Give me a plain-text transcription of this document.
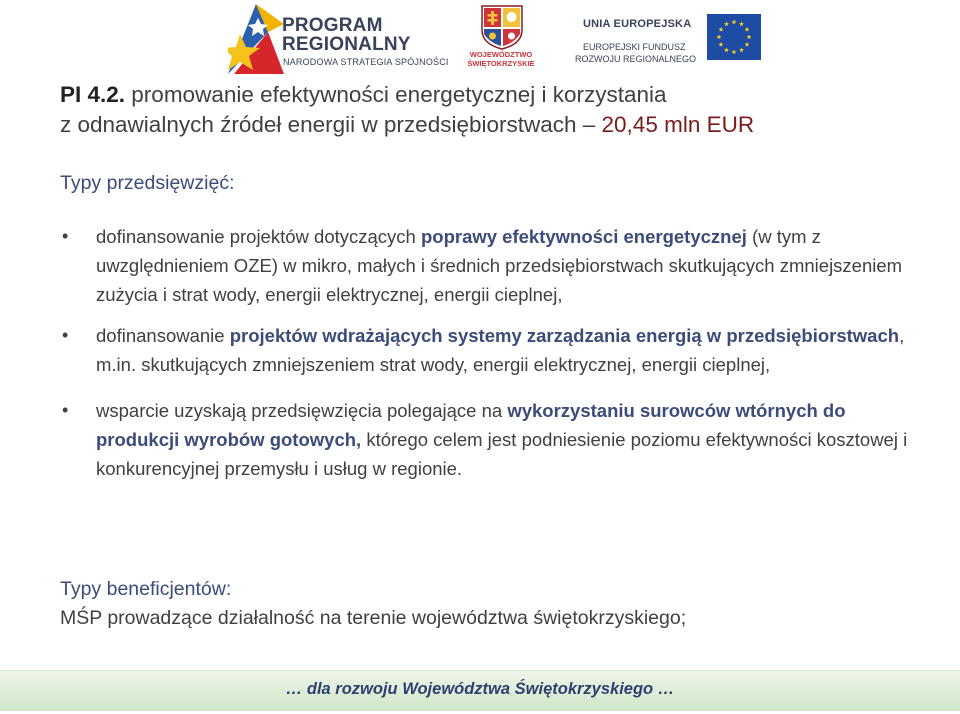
PROGRAM
REGIONALNY
NARODOWA STRATEGIA SPÓJNOŚCI
WOJEWÓDZTWO
ŚWIĘTOKRZYSKIE
UNIA EUROPEJSKA
EUROPEJSKI FUNDUSZ
ROZWOJU REGIONALNEGO
PI 4.2. promowanie efektywności energetycznej i korzystania
z odnawialnych źródeł energii w przedsiębiorstwach – 20,45 mln EUR
Typy przedsięwzięć:
• dofinansowanie projektów dotyczących poprawy efektywności energetycznej (w tym z uwzględnieniem OZE) w mikro, małych i średnich przedsiębiorstwach skutkujących zmniejszeniem zużycia i strat wody, energii elektrycznej, energii cieplnej,
• dofinansowanie projektów wdrażających systemy zarządzania energią w przedsiębiorstwach, m.in. skutkujących zmniejszeniem strat wody, energii elektrycznej, energii cieplnej,
• wsparcie uzyskają przedsięwzięcia polegające na wykorzystaniu surowców wtórnych do produkcji wyrobów gotowych, którego celem jest podniesienie poziomu efektywności kosztowej i konkurencyjnej przemysłu i usług w regionie.
Typy beneficjentów:
MŚP prowadzące działalność na terenie województwa świętokrzyskiego;
… dla rozwoju Województwa Świętokrzyskiego …
